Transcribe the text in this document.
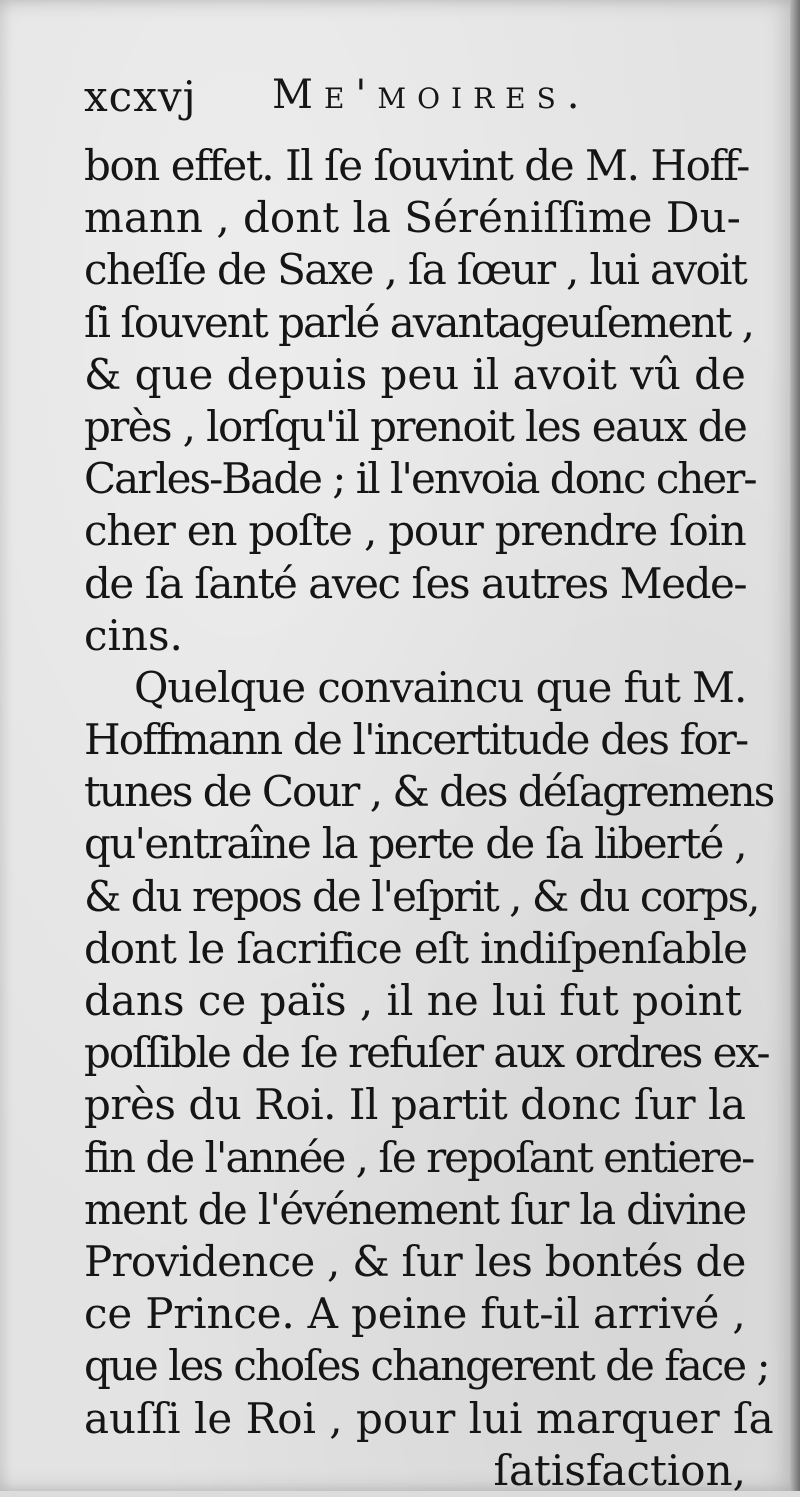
xcxvj Me'moires.
bon effet. Il ſe ſouvint de M. Hoff-
mann , dont la Séréniſſime Du-
cheſſe de Saxe , ſa ſœur , lui avoit
ſi ſouvent parlé avantageuſement ,
& que depuis peu il avoit vû de
près , lorſqu'il prenoit les eaux de
Carles-Bade ; il l'envoia donc cher-
cher en poſte , pour prendre ſoin
de ſa ſanté avec ſes autres Mede-
cins.
Quelque convaincu que fut M.
Hoffmann de l'incertitude des for-
tunes de Cour , & des déſagremens
qu'entraîne la perte de ſa liberté ,
& du repos de l'eſprit , & du corps,
dont le ſacrifice eſt indiſpenſable
dans ce païs , il ne lui fut point
poſſible de ſe refuſer aux ordres ex-
près du Roi. Il partit donc ſur la
fin de l'année , ſe repoſant entiere-
ment de l'événement ſur la divine
Providence , & ſur les bontés de
ce Prince. A peine fut-il arrivé ,
que les choſes changerent de face ;
auſſi le Roi , pour lui marquer ſa
ſatisfaction,
